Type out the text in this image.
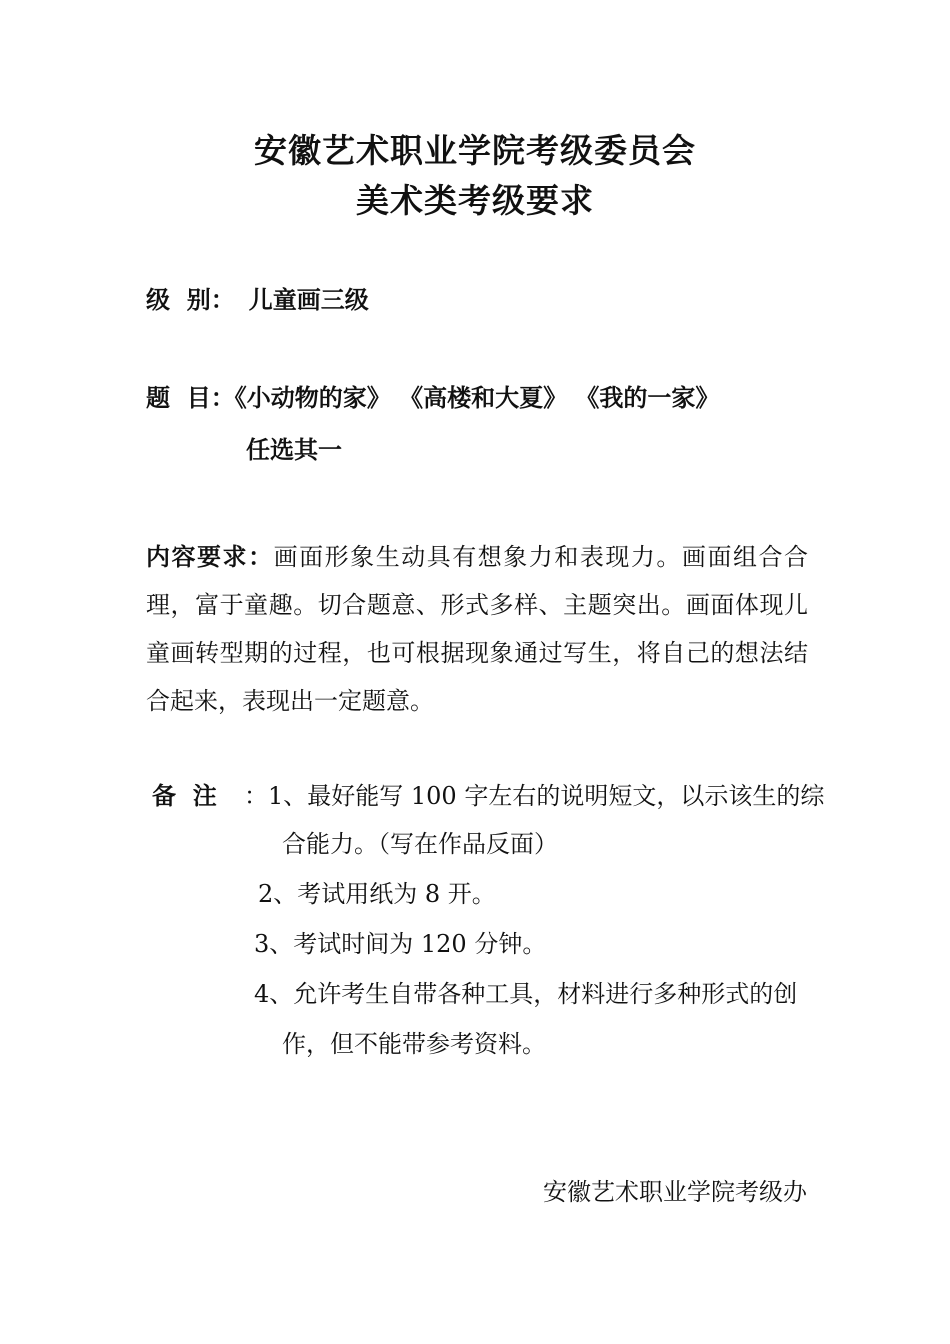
安徽艺术职业学院考级委员会
美术类考级要求
级  别： 儿童画三级
题  目：《小动物的家》 《高楼和大夏》 《我的一家》
任选其一
内容要求：画面形象生动具有想象力和表现力。画面组合合理，富于童趣。切合题意、形式多样、主题突出。画面体现儿童画转型期的过程，也可根据现象通过写生，将自己的想法结合起来，表现出一定题意。
备  注 ：1、最好能写 100 字左右的说明短文，以示该生的综
合能力。（写在作品反面）
2、考试用纸为 8 开。
3、考试时间为 120 分钟。
4、允许考生自带各种工具，材料进行多种形式的创
作，但不能带参考资料。
安徽艺术职业学院考级办
